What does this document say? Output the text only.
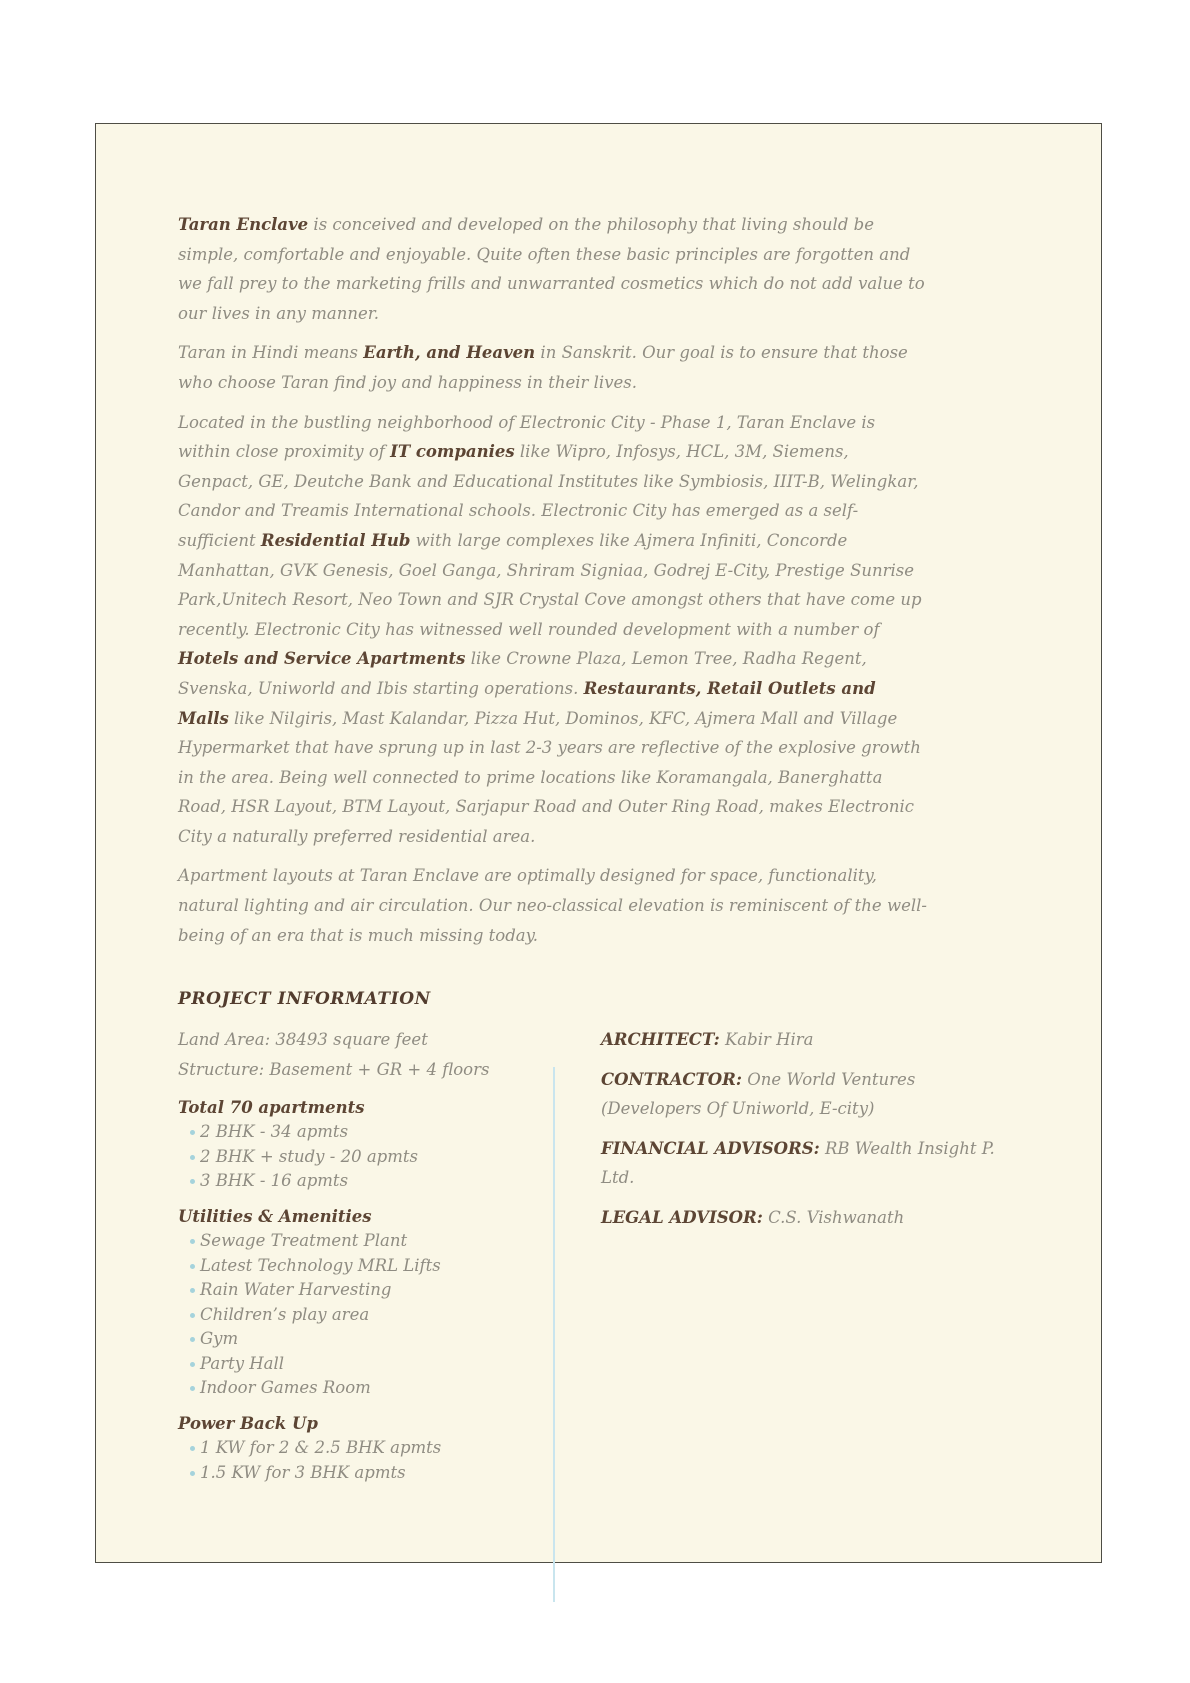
Taran Enclave is conceived and developed on the philosophy that living should be simple, comfortable and enjoyable. Quite often these basic principles are forgotten and we fall prey to the marketing frills and unwarranted cosmetics which do not add value to our lives in any manner.

Taran in Hindi means Earth, and Heaven in Sanskrit. Our goal is to ensure that those who choose Taran find joy and happiness in their lives.

Located in the bustling neighborhood of Electronic City - Phase 1, Taran Enclave is within close proximity of IT companies like Wipro, Infosys, HCL, 3M, Siemens, Genpact, GE, Deutche Bank and Educational Institutes like Symbiosis, IIIT-B, Welingkar, Candor and Treamis International schools. Electronic City has emerged as a self-sufficient Residential Hub with large complexes like Ajmera Infiniti, Concorde Manhattan, GVK Genesis, Goel Ganga, Shriram Signiaa, Godrej E-City, Prestige Sunrise Park,Unitech Resort, Neo Town and SJR Crystal Cove amongst others that have come up recently. Electronic City has witnessed well rounded development with a number of Hotels and Service Apartments like Crowne Plaza, Lemon Tree, Radha Regent, Svenska, Uniworld and Ibis starting operations. Restaurants, Retail Outlets and Malls like Nilgiris, Mast Kalandar, Pizza Hut, Dominos, KFC, Ajmera Mall and Village Hypermarket that have sprung up in last 2-3 years are reflective of the explosive growth in the area. Being well connected to prime locations like Koramangala, Banerghatta Road, HSR Layout, BTM Layout, Sarjapur Road and Outer Ring Road, makes Electronic City a naturally preferred residential area.

Apartment layouts at Taran Enclave are optimally designed for space, functionality, natural lighting and air circulation. Our neo-classical elevation is reminiscent of the well-being of an era that is much missing today.

PROJECT INFORMATION
Land Area: 38493 square feet
Structure: Basement + GR + 4 floors
Total 70 apartments
2 BHK - 34 apmts
2 BHK + study - 20 apmts
3 BHK - 16 apmts
Utilities & Amenities
Sewage Treatment Plant
Latest Technology MRL Lifts
Rain Water Harvesting
Children’s play area
Gym
Party Hall
Indoor Games Room
Power Back Up
1 KW for 2 & 2.5 BHK apmts
1.5 KW for 3 BHK apmts
ARCHITECT: Kabir Hira
CONTRACTOR: One World Ventures
(Developers Of Uniworld, E-city)
FINANCIAL ADVISORS: RB Wealth Insight P. Ltd.
LEGAL ADVISOR: C.S. Vishwanath
